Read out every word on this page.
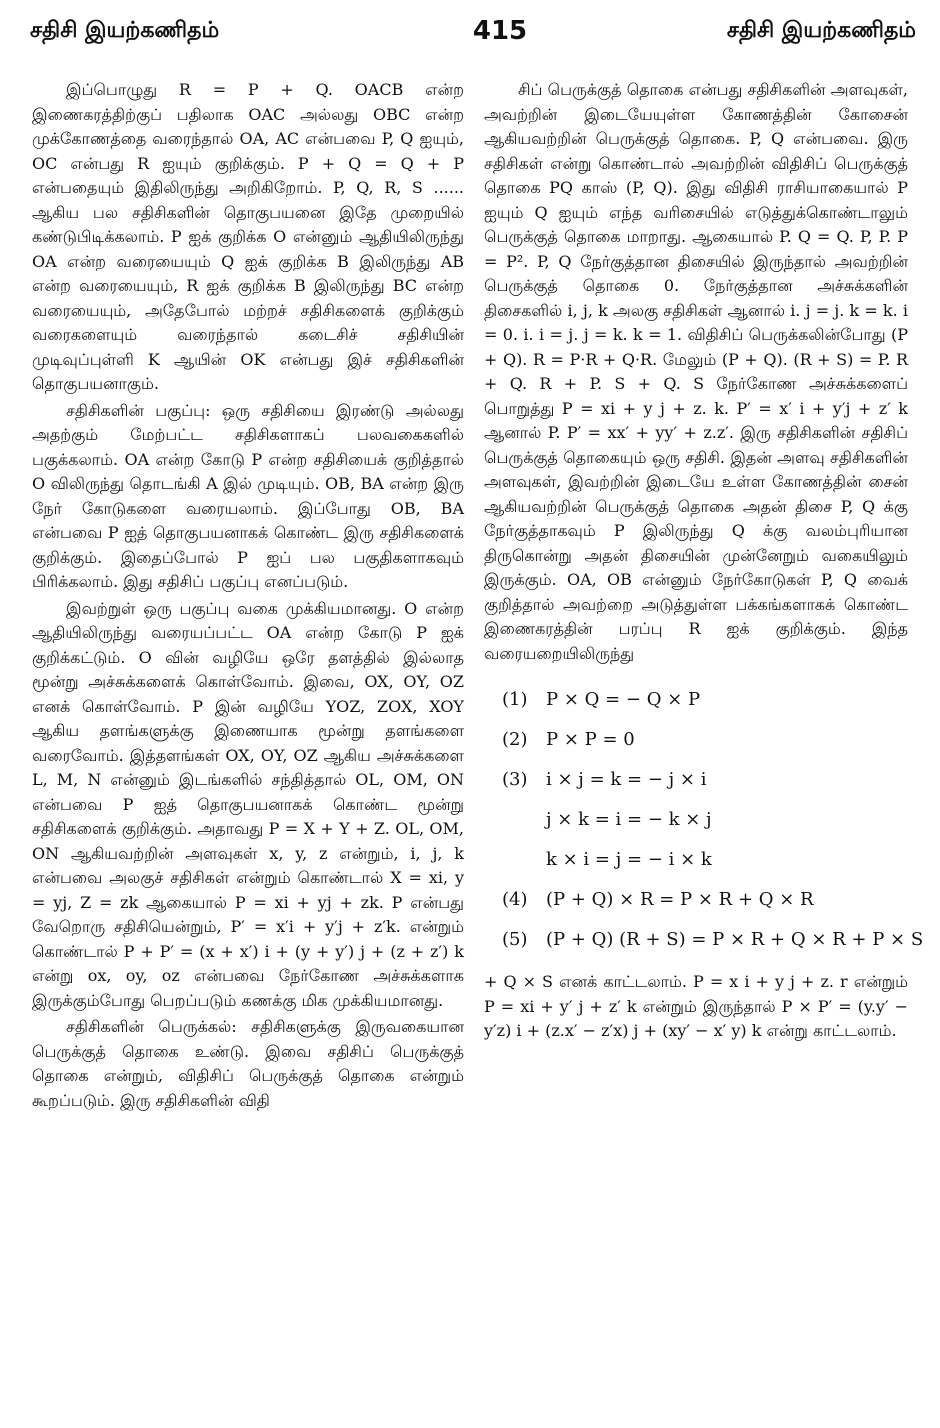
சதிசி இயற்கணிதம்	415	சதிசி இயற்கணிதம்

இப்பொழுது R = P + Q. OACB என்ற இணைகரத்திற்குப் பதிலாக OAC அல்லது OBC என்ற முக்கோணத்தை வரைந்தால் OA, AC என்பவை P, Q ஐயும், OC என்பது R ஐயும் குறிக்கும். P + Q = Q + P என்பதையும் இதிலிருந்து அறிகிறோம். P, Q, R, S ...... ஆகிய பல சதிசிகளின் தொகுபயனை இதே முறையில் கண்டுபிடிக்கலாம். P ஐக் குறிக்க O என்னும் ஆதியிலிருந்து OA என்ற வரையையும் Q ஐக் குறிக்க B இலிருந்து AB என்ற வரையையும், R ஐக் குறிக்க B இலிருந்து BC என்ற வரையையும், அதேபோல் மற்றச் சதிசிகளைக் குறிக்கும் வரைகளையும் வரைந்தால் கடைசிச் சதிசியின் முடிவுப்புள்ளி K ஆயின் OK என்பது இச் சதிசிகளின் தொகுபயனாகும்.

சதிசிகளின் பகுப்பு: ஒரு சதிசியை இரண்டு அல்லது அதற்கும் மேற்பட்ட சதிசிகளாகப் பலவகைகளில் பகுக்கலாம். OA என்ற கோடு P என்ற சதிசியைக் குறித்தால் O விலிருந்து தொடங்கி A இல் முடியும். OB, BA என்ற இரு நேர் கோடுகளை வரையலாம். இப்போது OB, BA என்பவை P ஐத் தொகுபயனாகக் கொண்ட இரு சதிசிகளைக் குறிக்கும். இதைப்போல் P ஐப் பல பகுதிகளாகவும் பிரிக்கலாம். இது சதிசிப் பகுப்பு எனப்படும்.

இவற்றுள் ஒரு பகுப்பு வகை முக்கியமானது. O என்ற ஆதியிலிருந்து வரையப்பட்ட OA என்ற கோடு P ஐக் குறிக்கட்டும். O வின் வழியே ஒரே தளத்தில் இல்லாத மூன்று அச்சுக்களைக் கொள்வோம். இவை, OX, OY, OZ எனக் கொள்வோம். P இன் வழியே YOZ, ZOX, XOY ஆகிய தளங்களுக்கு இணையாக மூன்று தளங்களை வரைவோம். இத்தளங்கள் OX, OY, OZ ஆகிய அச்சுக்களை L, M, N என்னும் இடங்களில் சந்தித்தால் OL, OM, ON என்பவை P ஐத் தொகுபயனாகக் கொண்ட மூன்று சதிசிகளைக் குறிக்கும். அதாவது P = X + Y + Z. OL, OM, ON ஆகியவற்றின் அளவுகள் x, y, z என்றும், i, j, k என்பவை அலகுச் சதிசிகள் என்றும் கொண்டால் X = xi, y = yj, Z = zk ஆகையால் P = xi + yj + zk. P என்பது வேறொரு சதிசியென்றும், P′ = x′i + y′j + z′k. என்றும் கொண்டால் P + P′ = (x + x′) i + (y + y′) j + (z + z′) k என்று ox, oy, oz என்பவை நேர்கோண அச்சுக்களாக இருக்கும்போது பெறப்படும் கணக்கு மிக முக்கியமானது.

சதிசிகளின் பெருக்கல்: சதிசிகளுக்கு இருவகையான பெருக்குத் தொகை உண்டு. இவை சதிசிப் பெருக்குத் தொகை என்றும், விதிசிப் பெருக்குத் தொகை என்றும் கூறப்படும். இரு சதிசிகளின் விதி

சிப் பெருக்குத் தொகை என்பது சதிசிகளின் அளவுகள், அவற்றின் இடையேயுள்ள கோணத்தின் கோசைன் ஆகியவற்றின் பெருக்குத் தொகை. P, Q என்பவை. இரு சதிசிகள் என்று கொண்டால் அவற்றின் விதிசிப் பெருக்குத் தொகை PQ காஸ் (P, Q). இது விதிசி ராசியாகையால் P ஐயும் Q ஐயும் எந்த வரிசையில் எடுத்துக்கொண்டாலும் பெருக்குத் தொகை மாறாது. ஆகையால் P. Q = Q. P, P. P = P². P, Q நேர்குத்தான திசையில் இருந்தால் அவற்றின் பெருக்குத் தொகை 0. நேர்குத்தான அச்சுக்களின் திசைகளில் i, j, k அலகு சதிசிகள் ஆனால் i. j = j. k = k. i = 0. i. i = j. j = k. k = 1. விதிசிப் பெருக்கலின்போது (P + Q). R = P·R + Q·R. மேலும் (P + Q). (R + S) = P. R + Q. R + P. S + Q. S நேர்கோண அச்சுக்களைப் பொறுத்து P = xi + y j + z. k. P′ = x′ i + y′j + z′ k ஆனால் P. P′ = xx′ + yy′ + z.z′. இரு சதிசிகளின் சதிசிப் பெருக்குத் தொகையும் ஒரு சதிசி. இதன் அளவு சதிசிகளின் அளவுகள், இவற்றின் இடையே உள்ள கோணத்தின் சைன் ஆகியவற்றின் பெருக்குத் தொகை அதன் திசை P, Q க்கு நேர்குத்தாகவும் P இலிருந்து Q க்கு வலம்புரியான திருகொன்று அதன் திசையின் முன்னேறும் வகையிலும் இருக்கும். OA, OB என்னும் நேர்கோடுகள் P, Q வைக் குறித்தால் அவற்றை அடுத்துள்ள பக்கங்களாகக் கொண்ட இணைகரத்தின் பரப்பு R ஐக் குறிக்கும். இந்த வரையறையிலிருந்து

(1) P × Q = − Q × P
(2) P × P = 0
(3) i × j = k = − j × i
j × k = i = − k × j
k × i = j = − i × k
(4) (P + Q) × R = P × R + Q × R
(5) (P + Q) (R + S) = P × R + Q × R + P × S

+ Q × S எனக் காட்டலாம். P = x i + y j + z. r என்றும் P = xi + y′ j + z′ k என்றும் இருந்தால் P × P′ = (y.y′ − y′z) i + (z.x′ − z′x) j + (xy′ − x′ y) k என்று காட்டலாம்.
